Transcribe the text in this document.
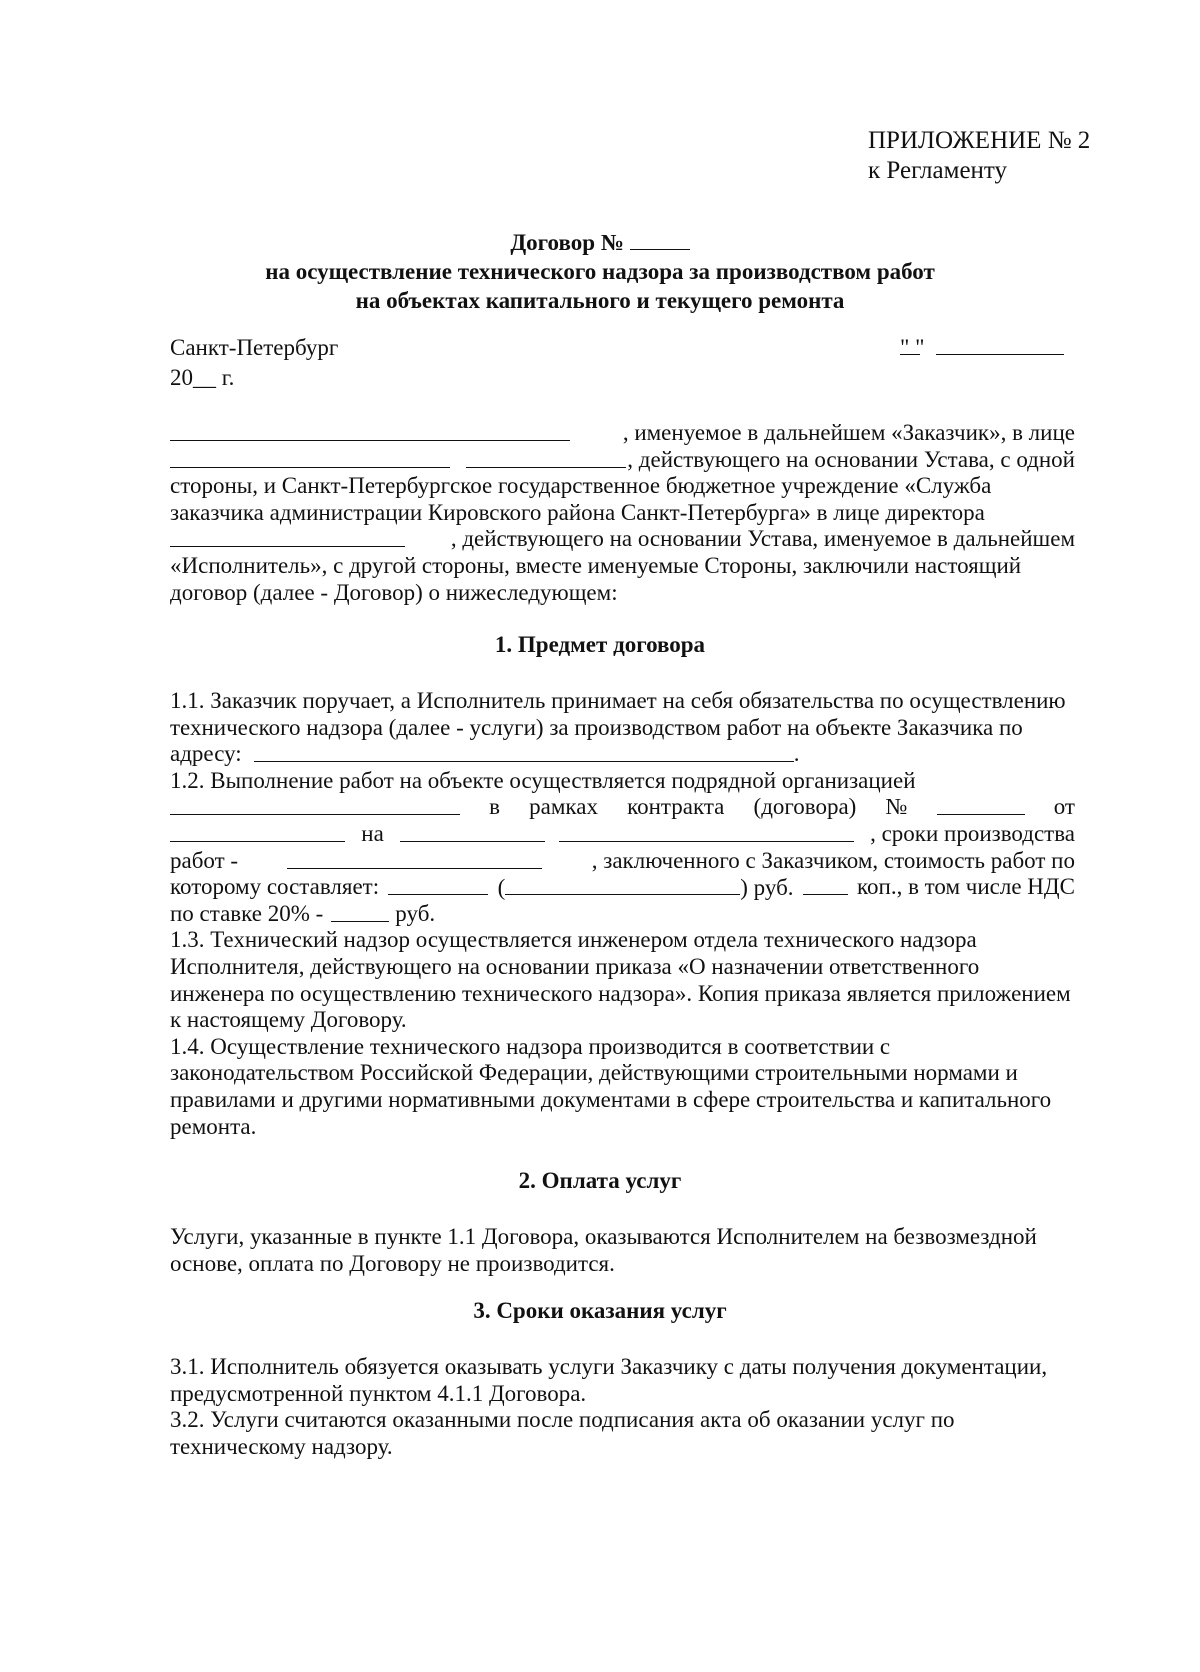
ПРИЛОЖЕНИЕ № 2
к Регламенту
Договор №
на осуществление технического надзора за производством работ
на объектах капитального и текущего ремонта
Санкт-Петербург
20__ г.
" "
, именуемое в дальнейшем «Заказчик», в лице

, действующего на основании Устава, с одной
стороны, и Санкт-Петербургское государственное бюджетное учреждение «Служба
заказчика администрации Кировского района Санкт-Петербурга» в лице директора
, действующего на основании Устава, именуемое в дальнейшем
«Исполнитель», с другой стороны, вместе именуемые Стороны, заключили настоящий
договор (далее - Договор) о нижеследующем:
1. Предмет договора
1.1. Заказчик поручает, а Исполнитель принимает на себя обязательства по осуществлению
технического надзора (далее - услуги) за производством работ на объекте Заказчика по
адресу:	.
1.2. Выполнение работ на объекте осуществляется подрядной организацией
в рамках контракта (договора) №	от
на
	, сроки производства
работ -	, заключенного с Заказчиком, стоимость работ по
которому составляет:	(	) руб.	коп., в том числе НДС
по ставке 20% -	руб.
1.3. Технический надзор осуществляется инженером отдела технического надзора
Исполнителя, действующего на основании приказа «О назначении ответственного
инженера по осуществлению технического надзора». Копия приказа является приложением
к настоящему Договору.
1.4. Осуществление технического надзора производится в соответствии с
законодательством Российской Федерации, действующими строительными нормами и
правилами и другими нормативными документами в сфере строительства и капитального
ремонта.
2. Оплата услуг
Услуги, указанные в пункте 1.1 Договора, оказываются Исполнителем на безвозмездной
основе, оплата по Договору не производится.
3. Сроки оказания услуг
3.1. Исполнитель обязуется оказывать услуги Заказчику с даты получения документации,
предусмотренной пунктом 4.1.1 Договора.
3.2. Услуги считаются оказанными после подписания акта об оказании услуг по
техническому надзору.
